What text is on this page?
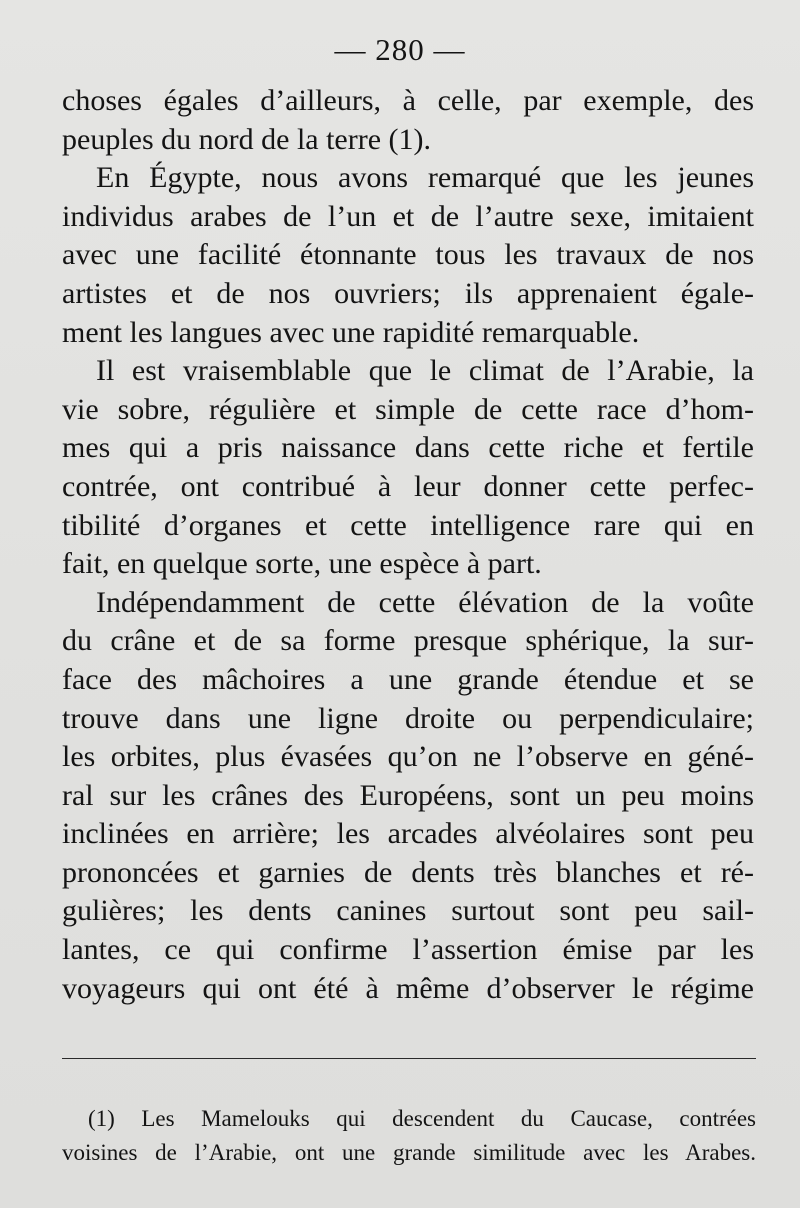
— 280 —
choses égales d’ailleurs, à celle, par exemple, des
peuples du nord de la terre (1).
En Égypte, nous avons remarqué que les jeunes
individus arabes de l’un et de l’autre sexe, imitaient
avec une facilité étonnante tous les travaux de nos
artistes et de nos ouvriers; ils apprenaient égale-
ment les langues avec une rapidité remarquable.
Il est vraisemblable que le climat de l’Arabie, la
vie sobre, régulière et simple de cette race d’hom-
mes qui a pris naissance dans cette riche et fertile
contrée, ont contribué à leur donner cette perfec-
tibilité d’organes et cette intelligence rare qui en
fait, en quelque sorte, une espèce à part.
Indépendamment de cette élévation de la voûte
du crâne et de sa forme presque sphérique, la sur-
face des mâchoires a une grande étendue et se
trouve dans une ligne droite ou perpendiculaire;
les orbites, plus évasées qu’on ne l’observe en géné-
ral sur les crânes des Européens, sont un peu moins
inclinées en arrière; les arcades alvéolaires sont peu
prononcées et garnies de dents très blanches et ré-
gulières; les dents canines surtout sont peu sail-
lantes, ce qui confirme l’assertion émise par les
voyageurs qui ont été à même d’observer le régime
(1) Les Mamelouks qui descendent du Caucase, contrées
voisines de l’Arabie, ont une grande similitude avec les Arabes.
